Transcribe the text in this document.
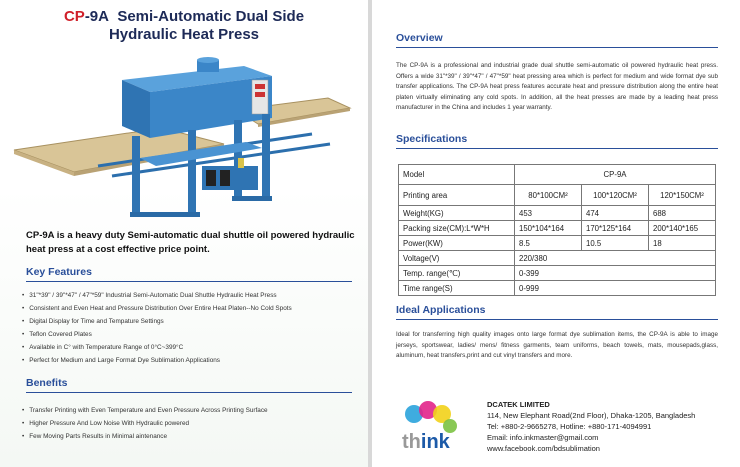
CP-9A Semi-Automatic Dual Side
Hydraulic Heat Press
CP-9A is a heavy duty Semi-automatic dual shuttle oil powered hydraulic heat press at a cost effective price point.
Key Features
• 31"*39" / 39"*47" / 47"*59" Industrial Semi-Automatic Dual Shuttle Hydraulic Heat Press
• Consistent and Even Heat and Pressure Distribution Over Entire Heat Platen--No Cold Spots
• Digital Display for Time and Tempature Settings
• Teflon Covered Plates
• Available in C° with Temperature Range of 0°C~399°C
• Perfect for Medium and Large Format Dye Sublimation Applications
Benefits
• Transfer Printing with Even Temperature and Even Pressure Across Printing Surface
• Higher Pressure And Low Noise With Hydraulic powered
• Few Moving Parts Results in Minimal aintenance
Overview
The CP-9A is a professional and industrial grade dual shuttle semi-automatic oil powered hydraulic heat press. Offers a wide 31"*39" / 39"*47" / 47"*59" heat pressing area which is perfect for medium and wide format dye sub transfer applications. The CP-9A heat press features accurate heat and pressure distribution along the entire heat platen virtually eliminating any cold spots. In addition, all the heat presses are made by a leading heat press manufacturer in the China and includes 1 year warranty.
Specifications
Model	CP-9A		
Printing area	80*100CM²	100*120CM²	120*150CM²
Weight(KG)	453	474	688
Packing size(CM):L*W*H	150*104*164	170*125*164	200*140*165
Power(KW)	8.5	10.5	18
Voltage(V)	220/380		
Temp. range(℃)	0-399		
Time range(S)	0-999		
Ideal Applications
Ideal for transferring high quality images onto large format dye sublimation items, the CP-9A is able to image jerseys, sportswear, ladies/ mens/ fitness garments, team uniforms, beach towels, mats, mousepads,glass, aluminum, heat transfers,print and cut vinyl transfers and more.
think
DCATEK LIMITED
114, New Elephant Road(2nd Floor), Dhaka-1205, Bangladesh
Tel: +880-2-9665278, Hotline: +880-171-4094991
Email: info.inkmaster@gmail.com
www.facebook.com/bdsublimation
